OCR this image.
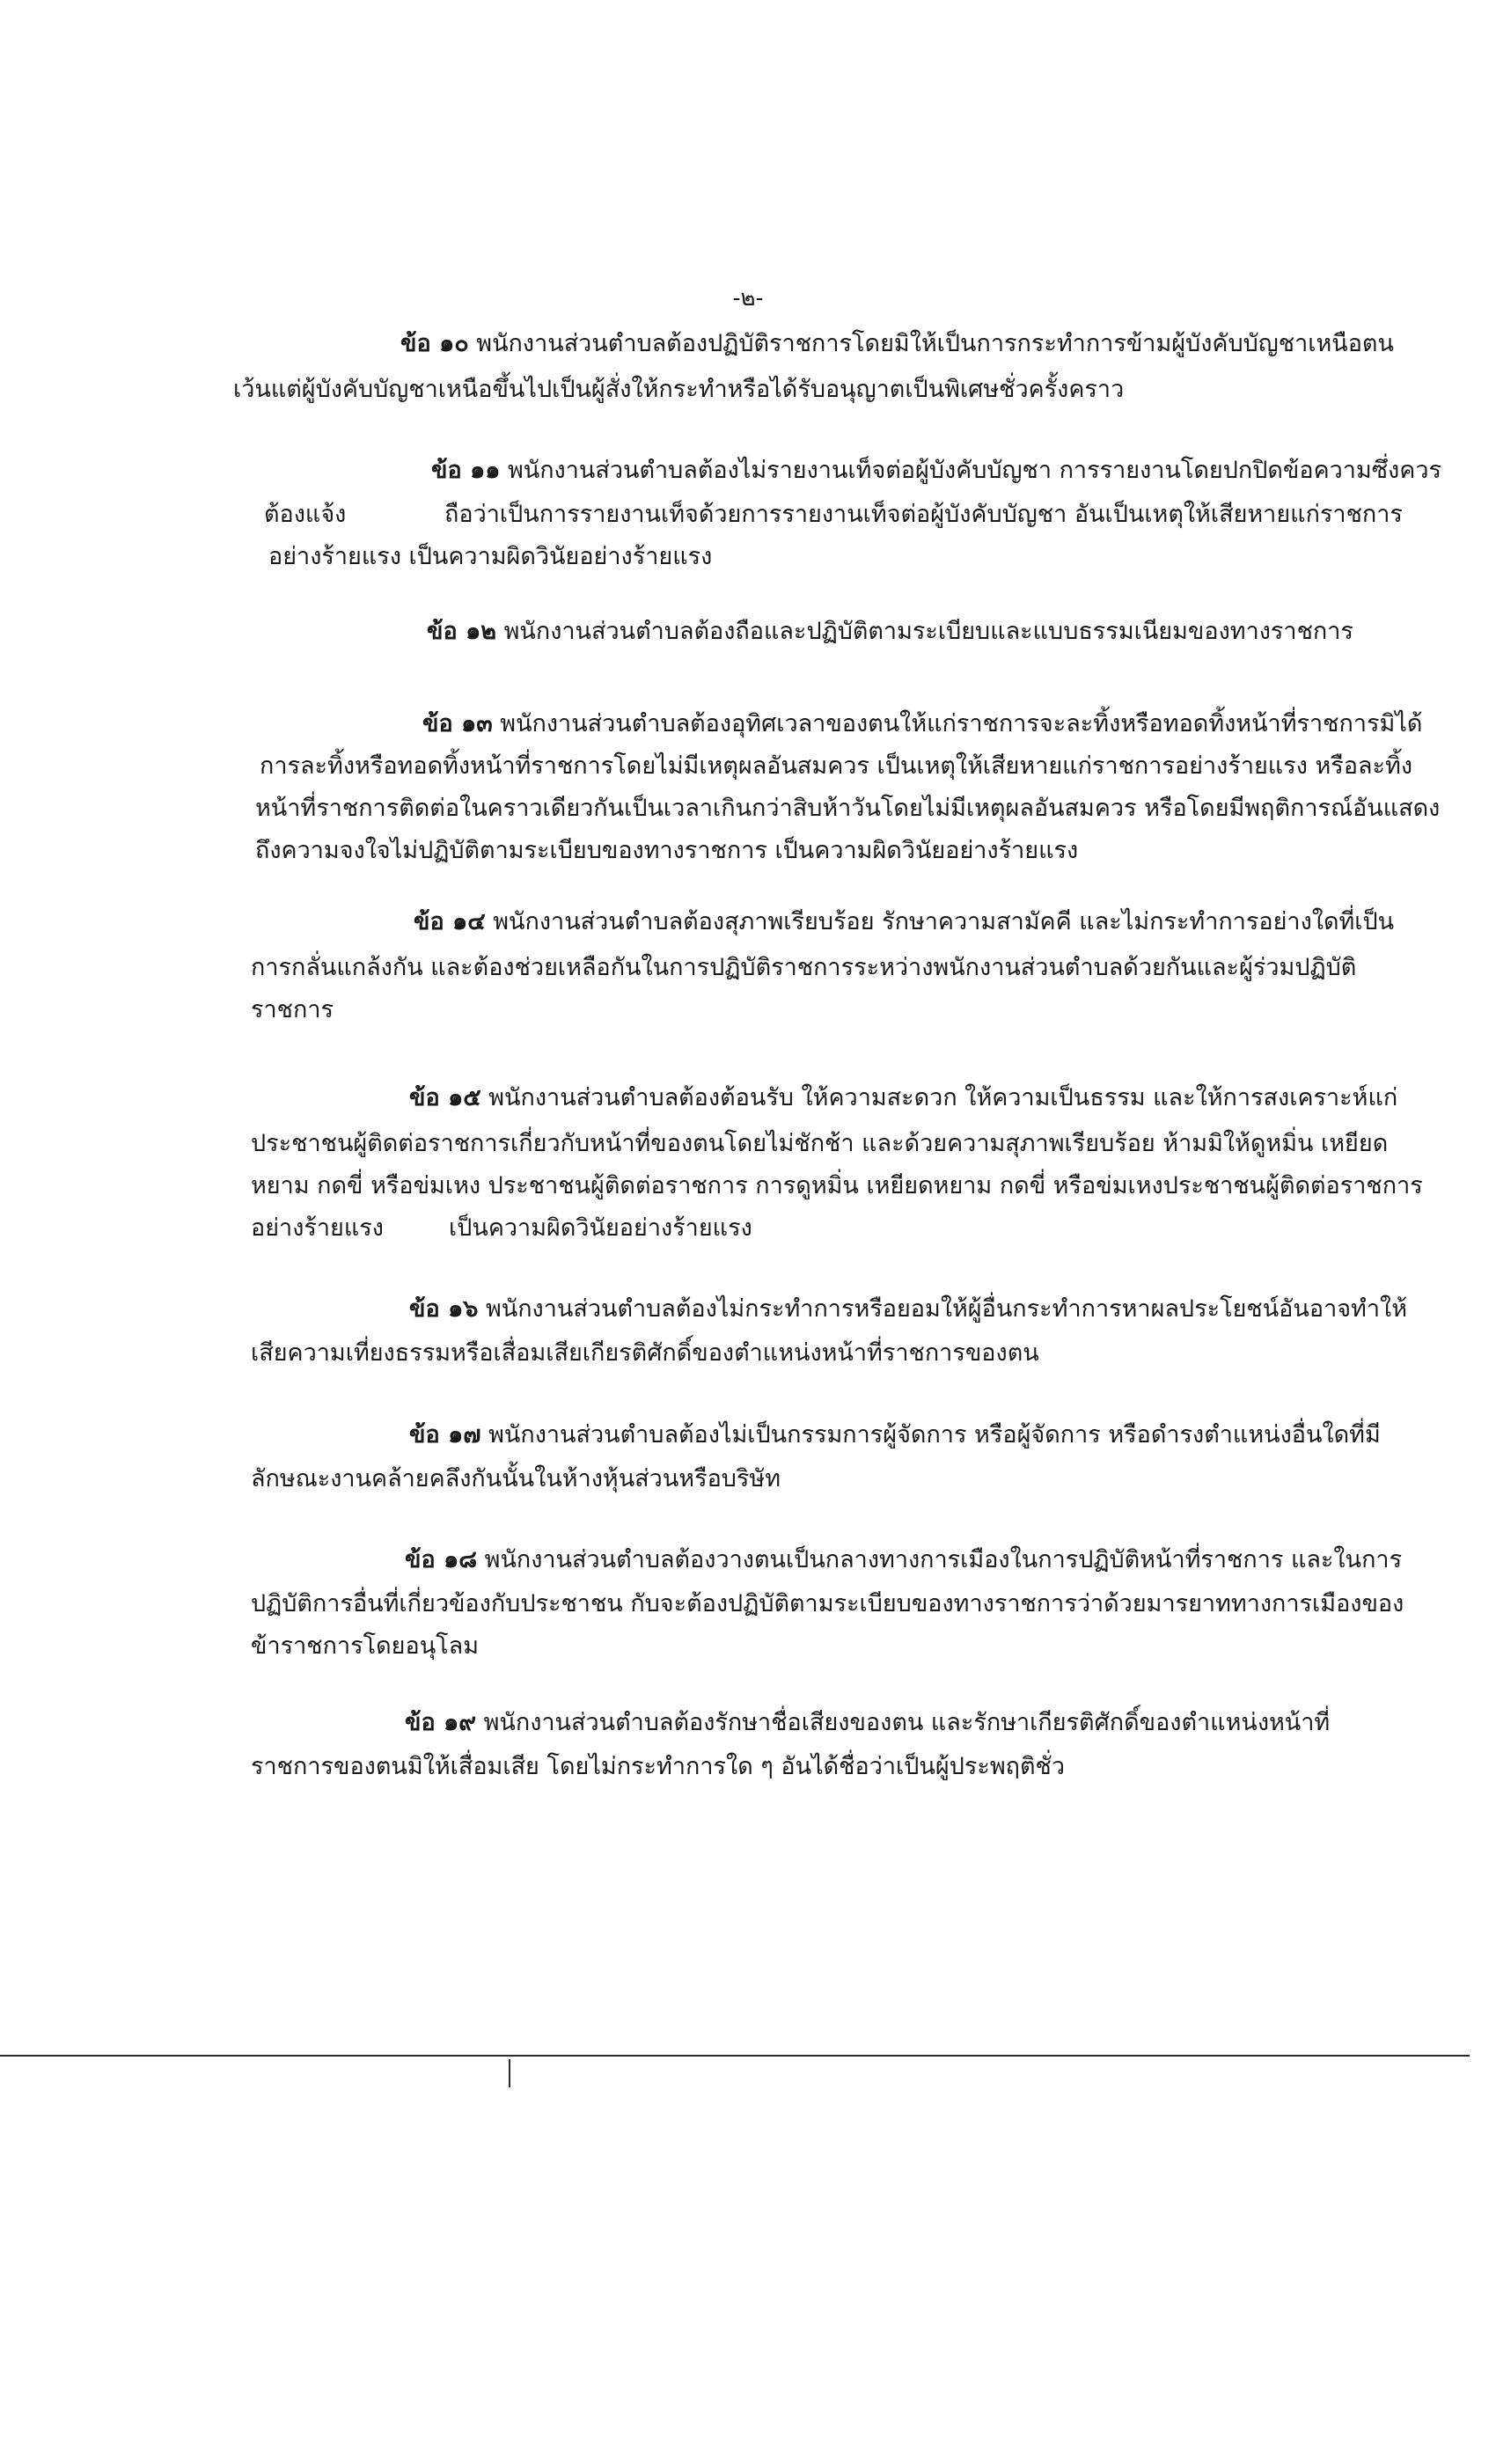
-๒-
ข้อ ๑๐ พนักงานส่วนตำบลต้องปฏิบัติราชการโดยมิให้เป็นการกระทำการข้ามผู้บังคับบัญชาเหนือตน
เว้นแต่ผู้บังคับบัญชาเหนือขึ้นไปเป็นผู้สั่งให้กระทำหรือได้รับอนุญาตเป็นพิเศษชั่วครั้งคราว
ข้อ ๑๑ พนักงานส่วนตำบลต้องไม่รายงานเท็จต่อผู้บังคับบัญชา การรายงานโดยปกปิดข้อความซึ่งควร
ต้องแจ้ง	ถือว่าเป็นการรายงานเท็จด้วยการรายงานเท็จต่อผู้บังคับบัญชา อันเป็นเหตุให้เสียหายแก่ราชการ
อย่างร้ายแรง เป็นความผิดวินัยอย่างร้ายแรง
ข้อ ๑๒ พนักงานส่วนตำบลต้องถือและปฏิบัติตามระเบียบและแบบธรรมเนียมของทางราชการ
ข้อ ๑๓ พนักงานส่วนตำบลต้องอุทิศเวลาของตนให้แก่ราชการจะละทิ้งหรือทอดทิ้งหน้าที่ราชการมิได้
การละทิ้งหรือทอดทิ้งหน้าที่ราชการโดยไม่มีเหตุผลอันสมควร เป็นเหตุให้เสียหายแก่ราชการอย่างร้ายแรง หรือละทิ้ง
หน้าที่ราชการติดต่อในคราวเดียวกันเป็นเวลาเกินกว่าสิบห้าวันโดยไม่มีเหตุผลอันสมควร หรือโดยมีพฤติการณ์อันแสดง
ถึงความจงใจไม่ปฏิบัติตามระเบียบของทางราชการ เป็นความผิดวินัยอย่างร้ายแรง
ข้อ ๑๔ พนักงานส่วนตำบลต้องสุภาพเรียบร้อย รักษาความสามัคคี และไม่กระทำการอย่างใดที่เป็น
การกลั่นแกล้งกัน และต้องช่วยเหลือกันในการปฏิบัติราชการระหว่างพนักงานส่วนตำบลด้วยกันและผู้ร่วมปฏิบัติ
ราชการ
ข้อ ๑๕ พนักงานส่วนตำบลต้องต้อนรับ ให้ความสะดวก ให้ความเป็นธรรม และให้การสงเคราะห์แก่
ประชาชนผู้ติดต่อราชการเกี่ยวกับหน้าที่ของตนโดยไม่ชักช้า และด้วยความสุภาพเรียบร้อย ห้ามมิให้ดูหมิ่น เหยียด
หยาม กดขี่ หรือข่มเหง ประชาชนผู้ติดต่อราชการ การดูหมิ่น เหยียดหยาม กดขี่ หรือข่มเหงประชาชนผู้ติดต่อราชการ
อย่างร้ายแรง	เป็นความผิดวินัยอย่างร้ายแรง
ข้อ ๑๖ พนักงานส่วนตำบลต้องไม่กระทำการหรือยอมให้ผู้อื่นกระทำการหาผลประโยชน์อันอาจทำให้
เสียความเที่ยงธรรมหรือเสื่อมเสียเกียรติศักดิ์ของตำแหน่งหน้าที่ราชการของตน
ข้อ ๑๗ พนักงานส่วนตำบลต้องไม่เป็นกรรมการผู้จัดการ หรือผู้จัดการ หรือดำรงตำแหน่งอื่นใดที่มี
ลักษณะงานคล้ายคลึงกันนั้นในห้างหุ้นส่วนหรือบริษัท
ข้อ ๑๘ พนักงานส่วนตำบลต้องวางตนเป็นกลางทางการเมืองในการปฏิบัติหน้าที่ราชการ และในการ
ปฏิบัติการอื่นที่เกี่ยวข้องกับประชาชน กับจะต้องปฏิบัติตามระเบียบของทางราชการว่าด้วยมารยาททางการเมืองของ
ข้าราชการโดยอนุโลม
ข้อ ๑๙ พนักงานส่วนตำบลต้องรักษาชื่อเสียงของตน และรักษาเกียรติศักดิ์ของตำแหน่งหน้าที่
ราชการของตนมิให้เสื่อมเสีย โดยไม่กระทำการใด ๆ อันได้ชื่อว่าเป็นผู้ประพฤติชั่ว
